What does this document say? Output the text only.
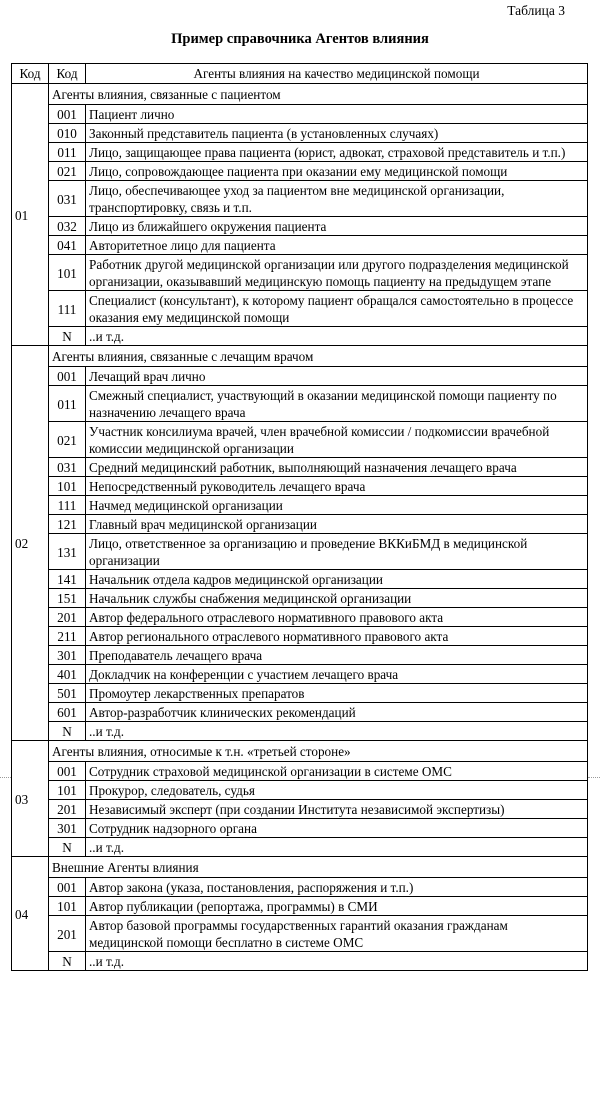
Таблица 3
Пример справочника Агентов влияния
Код	Код	Агенты влияния на качество медицинской помощи
01	Агенты влияния, связанные с пациентом	
	001	Пациент лично
	010	Законный представитель пациента (в установленных случаях)
	011	Лицо, защищающее права пациента (юрист, адвокат, страховой представитель и т.п.)
	021	Лицо, сопровождающее пациента при оказании ему медицинской помощи
	031	Лицо, обеспечивающее уход за пациентом вне медицинской организации, транспортировку, связь и т.п.
	032	Лицо из ближайшего окружения пациента
	041	Авторитетное лицо для пациента
	101	Работник другой медицинской организации или другого подразделения медицинской организации, оказывавший медицинскую помощь пациенту на предыдущем этапе
	111	Специалист (консультант), к которому пациент обращался самостоятельно в процессе оказания ему медицинской помощи
	N	..и т.д.
02	Агенты влияния, связанные с лечащим врачом	
	001	Лечащий врач лично
	011	Смежный специалист, участвующий в оказании медицинской помощи пациенту по назначению лечащего врача
	021	Участник консилиума врачей, член врачебной комиссии / подкомиссии врачебной комиссии медицинской организации
	031	Средний медицинский работник, выполняющий назначения лечащего врача
	101	Непосредственный руководитель лечащего врача
	111	Начмед медицинской организации
	121	Главный врач медицинской организации
	131	Лицо, ответственное за организацию и проведение ВККиБМД в медицинской организации
	141	Начальник отдела кадров медицинской организации
	151	Начальник службы снабжения медицинской организации
	201	Автор федерального отраслевого нормативного правового акта
	211	Автор регионального отраслевого нормативного правового акта
	301	Преподаватель лечащего врача
	401	Докладчик на конференции с участием лечащего врача
	501	Промоутер лекарственных препаратов
	601	Автор-разработчик клинических рекомендаций
	N	..и т.д.
03	Агенты влияния, относимые к т.н. «третьей стороне»	
	001	Сотрудник страховой медицинской организации в системе ОМС
	101	Прокурор, следователь, судья
	201	Независимый эксперт (при создании Института независимой экспертизы)
	301	Сотрудник надзорного органа
	N	..и т.д.
04	Внешние Агенты влияния	
	001	Автор закона (указа, постановления, распоряжения и т.п.)
	101	Автор публикации (репортажа, программы) в СМИ
	201	Автор базовой программы государственных гарантий оказания гражданам медицинской помощи бесплатно в системе ОМС
	N	..и т.д.
